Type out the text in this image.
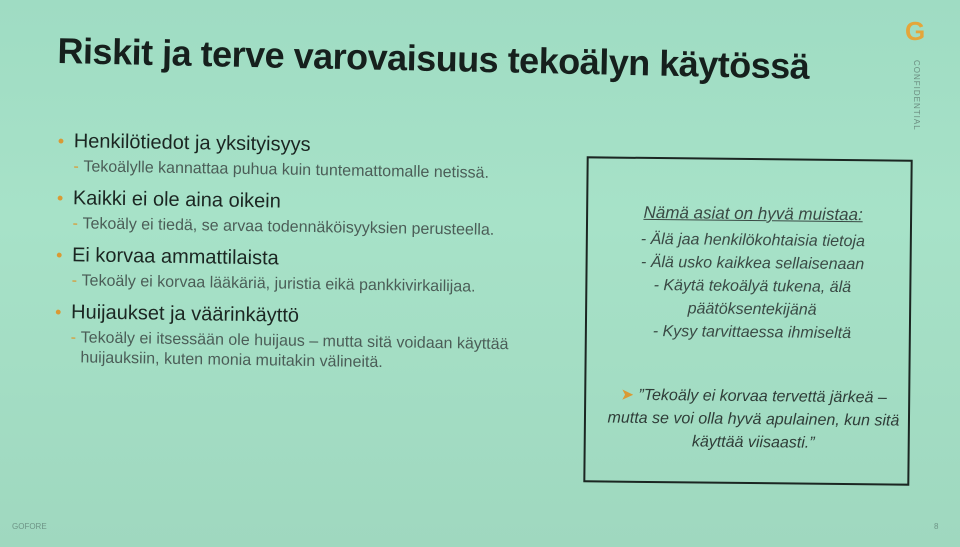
Riskit ja terve varovaisuus tekoälyn käytössä	G
CONFIDENTIAL
• Henkilötiedot ja yksityisyys
- Tekoälylle kannattaa puhua kuin tuntemattomalle netissä.
• Kaikki ei ole aina oikein
- Tekoäly ei tiedä, se arvaa todennäköisyyksien perusteella.
• Ei korvaa ammattilaista
- Tekoäly ei korvaa lääkäriä, juristia eikä pankkivirkailijaa.
• Huijaukset ja väärinkäyttö
- Tekoäly ei itsessään ole huijaus – mutta sitä voidaan käyttää huijauksiin, kuten monia muitakin välineitä.
Nämä asiat on hyvä muistaa:
- Älä jaa henkilökohtaisia tietoja
- Älä usko kaikkea sellaisenaan
- Käytä tekoälyä tukena, älä päätöksentekijänä
- Kysy tarvittaessa ihmiseltä
➤ ”Tekoäly ei korvaa tervettä järkeä – mutta se voi olla hyvä apulainen, kun sitä käyttää viisaasti.”
GOFORE	8
